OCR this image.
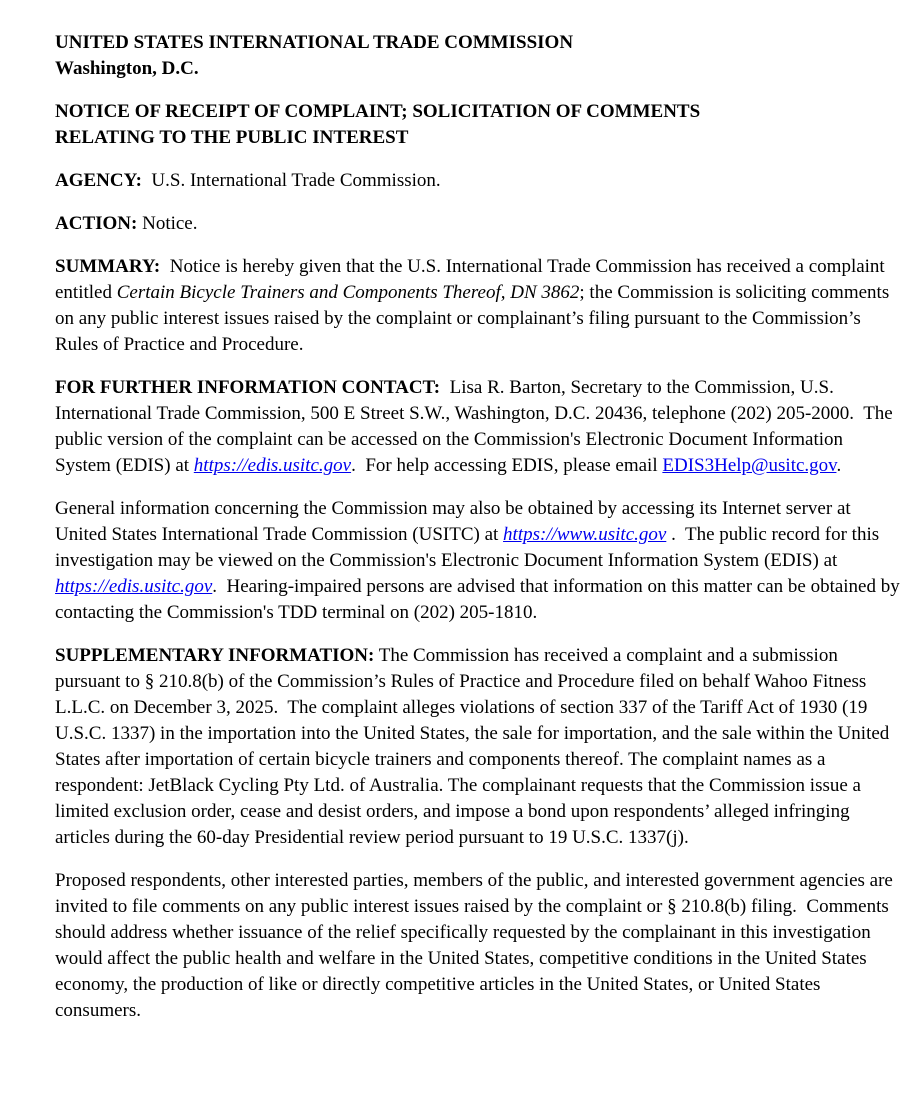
UNITED STATES INTERNATIONAL TRADE COMMISSION
Washington, D.C.

NOTICE OF RECEIPT OF COMPLAINT; SOLICITATION OF COMMENTS
RELATING TO THE PUBLIC INTEREST

AGENCY:  U.S. International Trade Commission.

ACTION: Notice.

SUMMARY:  Notice is hereby given that the U.S. International Trade Commission has received a complaint entitled Certain Bicycle Trainers and Components Thereof, DN 3862; the Commission is soliciting comments on any public interest issues raised by the complaint or complainant’s filing pursuant to the Commission’s Rules of Practice and Procedure.

FOR FURTHER INFORMATION CONTACT:  Lisa R. Barton, Secretary to the Commission, U.S. International Trade Commission, 500 E Street S.W., Washington, D.C. 20436, telephone (202) 205-2000.  The public version of the complaint can be accessed on the Commission's Electronic Document Information System (EDIS) at https://edis.usitc.gov.  For help accessing EDIS, please email EDIS3Help@usitc.gov.

General information concerning the Commission may also be obtained by accessing its Internet server at United States International Trade Commission (USITC) at https://www.usitc.gov .  The public record for this investigation may be viewed on the Commission's Electronic Document Information System (EDIS) at https://edis.usitc.gov.  Hearing-impaired persons are advised that information on this matter can be obtained by contacting the Commission's TDD terminal on (202) 205-1810.

SUPPLEMENTARY INFORMATION: The Commission has received a complaint and a submission pursuant to § 210.8(b) of the Commission’s Rules of Practice and Procedure filed on behalf Wahoo Fitness L.L.C. on December 3, 2025.  The complaint alleges violations of section 337 of the Tariff Act of 1930 (19 U.S.C. 1337) in the importation into the United States, the sale for importation, and the sale within the United States after importation of certain bicycle trainers and components thereof. The complaint names as a respondent: JetBlack Cycling Pty Ltd. of Australia. The complainant requests that the Commission issue a limited exclusion order, cease and desist orders, and impose a bond upon respondents’ alleged infringing articles during the 60-day Presidential review period pursuant to 19 U.S.C. 1337(j).

Proposed respondents, other interested parties, members of the public, and interested government agencies are invited to file comments on any public interest issues raised by the complaint or § 210.8(b) filing.  Comments should address whether issuance of the relief specifically requested by the complainant in this investigation would affect the public health and welfare in the United States, competitive conditions in the United States economy, the production of like or directly competitive articles in the United States, or United States consumers.
